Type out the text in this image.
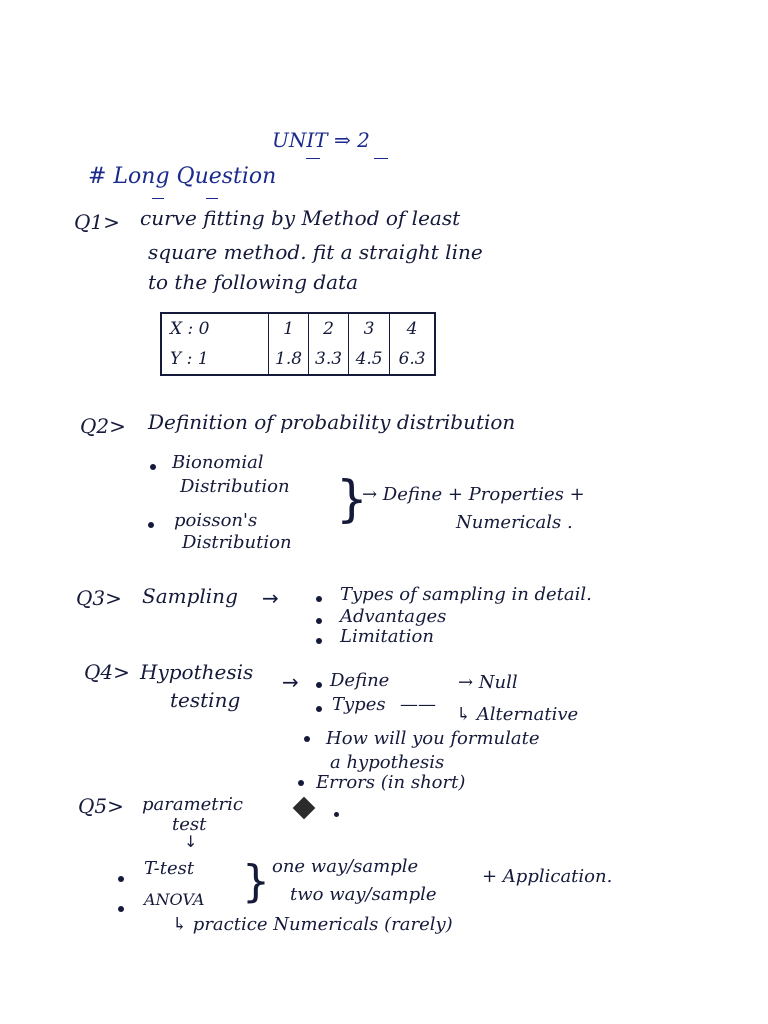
UNIT ⇒ 2
# Long Question
Q1> curve fitting by Method of least
square method. fit a straight line
to the following data
X : 0	1	2	3	4
Y : 1	1.8	3.3	4.5	6.3
Q2> Definition of probability distribution
Bionomial
Distribution
poisson's
Distribution
}
→ Define + Properties +
Numericals .
Q3> Sampling →	Types of sampling in detail.
Advantages
Limitation
Q4> Hypothesis
testing
→ Define
Types ——
→ Null
↳ Alternative
How will you formulate
a hypothesis
Errors (in short)
Q5> parametric
test
↓
T-test
ANOVA } one way/sample
two way/sample
+ Application.
↳ practice Numericals (rarely)
